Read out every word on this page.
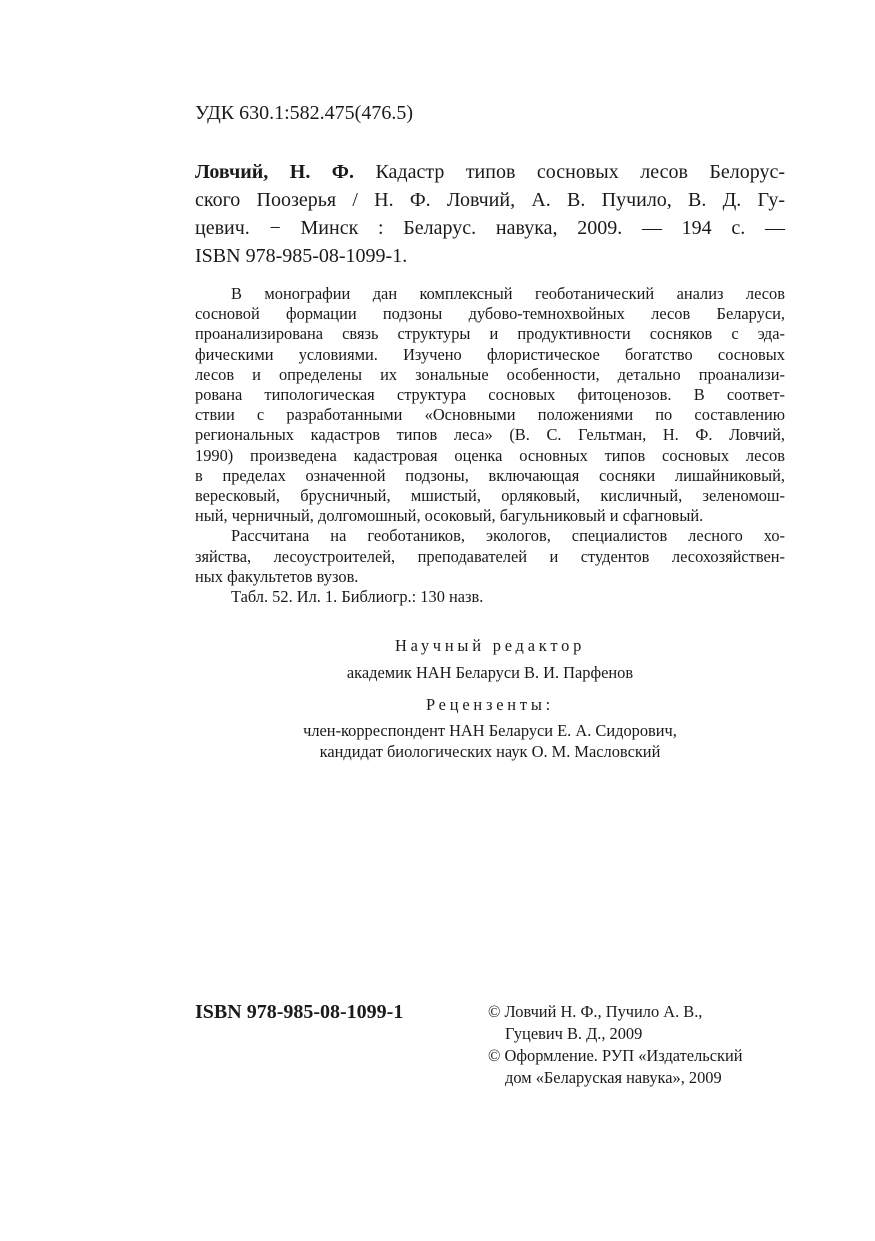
УДК 630.1:582.475(476.5)
Ловчий, Н. Ф. Кадастр типов сосновых лесов Белорус-
ского Поозерья / Н. Ф. Ловчий, А. В. Пучило, В. Д. Гу-
цевич. − Минск : Беларус. навука, 2009. — 194 с. —
ISBN 978-985-08-1099-1.
В монографии дан комплексный геоботанический анализ лесов
сосновой формации подзоны дубово-темнохвойных лесов Беларуси,
проанализирована связь структуры и продуктивности сосняков с эда-
фическими условиями. Изучено флористическое богатство сосновых
лесов и определены их зональные особенности, детально проанализи-
рована типологическая структура сосновых фитоценозов. В соответ-
ствии с разработанными «Основными положениями по составлению
региональных кадастров типов леса» (В. С. Гельтман, Н. Ф. Ловчий,
1990) произведена кадастровая оценка основных типов сосновых лесов
в пределах означенной подзоны, включающая сосняки лишайниковый,
вересковый, брусничный, мшистый, орляковый, кисличный, зеленомош-
ный, черничный, долгомошный, осоковый, багульниковый и сфагновый.
Рассчитана на геоботаников, экологов, специалистов лесного хо-
зяйства, лесоустроителей, преподавателей и студентов лесохозяйствен-
ных факультетов вузов.
Табл. 52. Ил. 1. Библиогр.: 130 назв.
Научный редактор
академик НАН Беларуси В. И. Парфенов
Рецензенты:
член-корреспондент НАН Беларуси Е. А. Сидорович,
кандидат биологических наук О. М. Масловский
ISBN 978-985-08-1099-1	© Ловчий Н. Ф., Пучило А. В.,
Гуцевич В. Д., 2009
© Оформление. РУП «Издательский
дом «Беларуская навука», 2009
